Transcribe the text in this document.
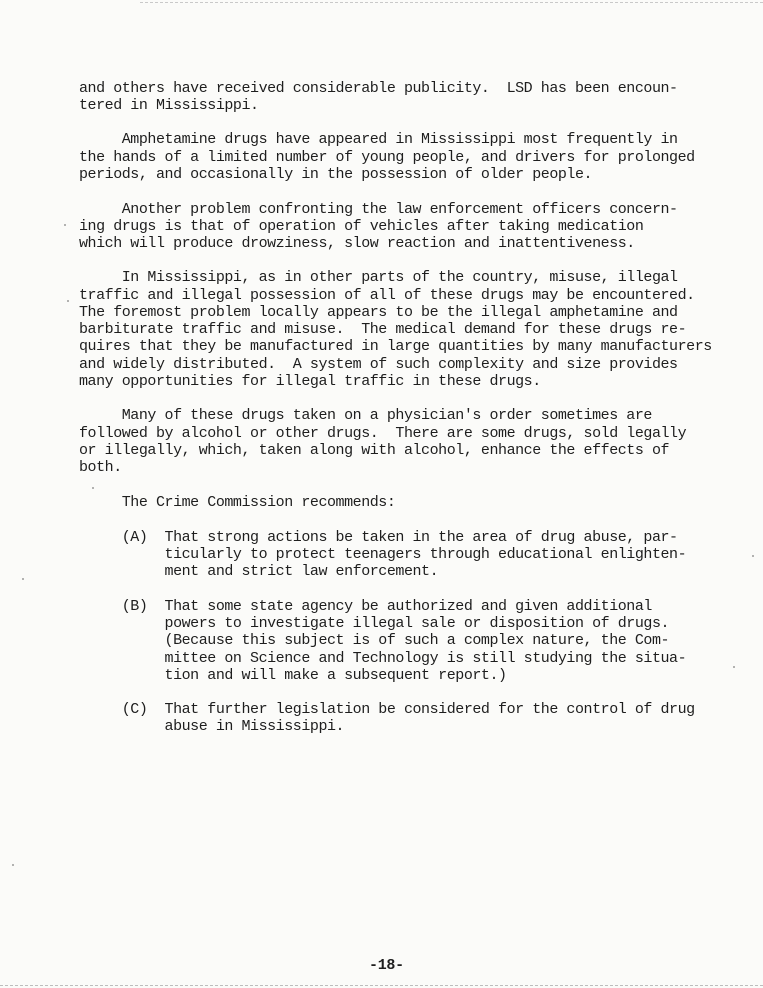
and others have received considerable publicity.  LSD has been encoun-
tered in Mississippi.
Amphetamine drugs have appeared in Mississippi most frequently in
the hands of a limited number of young people, and drivers for prolonged
periods, and occasionally in the possession of older people.
Another problem confronting the law enforcement officers concern-
ing drugs is that of operation of vehicles after taking medication
which will produce drowziness, slow reaction and inattentiveness.
In Mississippi, as in other parts of the country, misuse, illegal
traffic and illegal possession of all of these drugs may be encountered.
The foremost problem locally appears to be the illegal amphetamine and
barbiturate traffic and misuse.  The medical demand for these drugs re-
quires that they be manufactured in large quantities by many manufacturers
and widely distributed.  A system of such complexity and size provides
many opportunities for illegal traffic in these drugs.
Many of these drugs taken on a physician's order sometimes are
followed by alcohol or other drugs.  There are some drugs, sold legally
or illegally, which, taken along with alcohol, enhance the effects of
both.
The Crime Commission recommends:
(A)  That strong actions be taken in the area of drug abuse, par-
ticularly to protect teenagers through educational enlighten-
ment and strict law enforcement.
(B)  That some state agency be authorized and given additional
powers to investigate illegal sale or disposition of drugs.
(Because this subject is of such a complex nature, the Com-
mittee on Science and Technology is still studying the situa-
tion and will make a subsequent report.)
(C)  That further legislation be considered for the control of drug
abuse in Mississippi.
-18-
